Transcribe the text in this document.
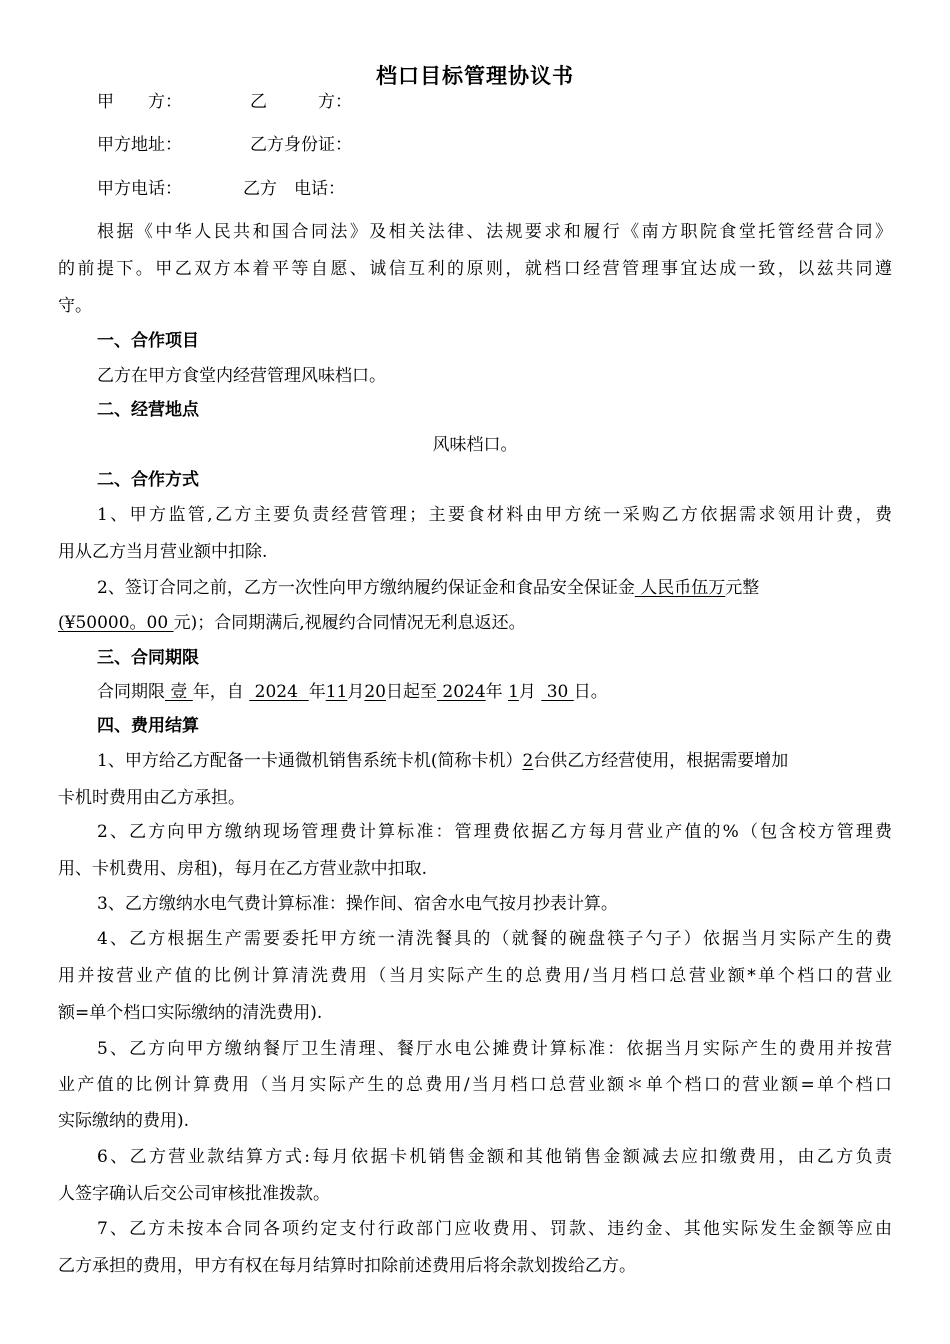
档口目标管理协议书
甲　　方：	乙　　　方：
甲方地址：	乙方身份证：
甲方电话：	乙方　电话：
根据《中华人民共和国合同法》及相关法律、法规要求和履行《南方职院食堂托管经营合同》
的前提下。甲乙双方本着平等自愿、诚信互利的原则，就档口经营管理事宜达成一致，以兹共同遵
守。
一、合作项目
乙方在甲方食堂内经营管理风味档口。
二、经营地点
风味档口。
二、合作方式
1、甲方监管,乙方主要负责经营管理；主要食材料由甲方统一采购乙方依据需求领用计费，费
用从乙方当月营业额中扣除.
2、签订合同之前，乙方一次性向甲方缴纳履约保证金和食品安全保证金 人民币伍万元整
(¥50000。00 元)；合同期满后,视履约合同情况无利息返还。
三、合同期限
合同期限 壹 年，自  2024  年11月20日起至 2024年 1月  30 日。
四、费用结算
1、甲方给乙方配备一卡通微机销售系统卡机(简称卡机）2台供乙方经营使用，根据需要增加
卡机时费用由乙方承担。
2、乙方向甲方缴纳现场管理费计算标准：管理费依据乙方每月营业产值的%（包含校方管理费
用、卡机费用、房租)，每月在乙方营业款中扣取.
3、乙方缴纳水电气费计算标准：操作间、宿舍水电气按月抄表计算。
4、乙方根据生产需要委托甲方统一清洗餐具的（就餐的碗盘筷子勺子）依据当月实际产生的费
用并按营业产值的比例计算清洗费用（当月实际产生的总费用/当月档口总营业额*单个档口的营业
额=单个档口实际缴纳的清洗费用).
5、乙方向甲方缴纳餐厅卫生清理、餐厅水电公摊费计算标准：依据当月实际产生的费用并按营
业产值的比例计算费用（当月实际产生的总费用/当月档口总营业额＊单个档口的营业额=单个档口
实际缴纳的费用).
6、乙方营业款结算方式:每月依据卡机销售金额和其他销售金额减去应扣缴费用，由乙方负责
人签字确认后交公司审核批准拨款。
7、乙方未按本合同各项约定支付行政部门应收费用、罚款、违约金、其他实际发生金额等应由
乙方承担的费用，甲方有权在每月结算时扣除前述费用后将余款划拨给乙方。
